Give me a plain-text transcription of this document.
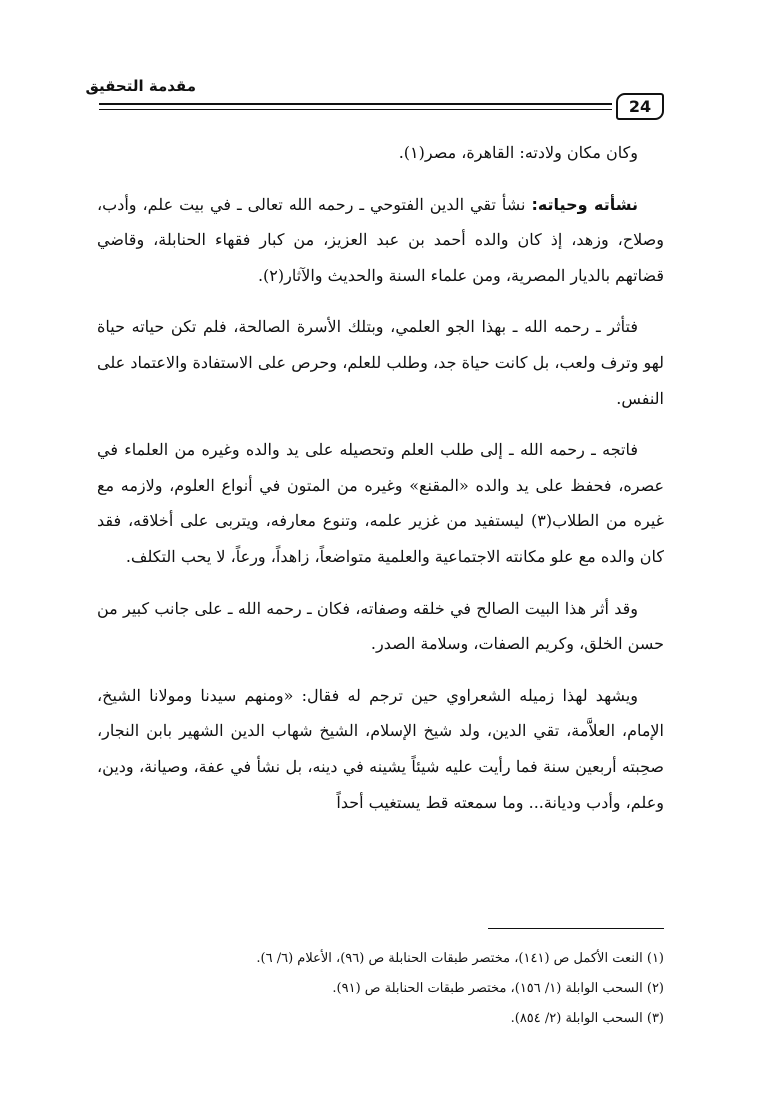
مقدمة التحقيق
24

وكان مكان ولادته: القاهرة، مصر(١).

نشأته وحياته: نشأ تقي الدين الفتوحي ـ رحمه الله تعالى ـ في بيت علم، وأدب، وصلاح، وزهد، إذ كان والده أحمد بن عبد العزيز، من كبار فقهاء الحنابلة، وقاضي قضاتهم بالديار المصرية، ومن علماء السنة والحديث والآثار(٢).

فتأثر ـ رحمه الله ـ بهذا الجو العلمي، وبتلك الأسرة الصالحة، فلم تكن حياته حياة لهو وترف ولعب، بل كانت حياة جد، وطلب للعلم، وحرص على الاستفادة والاعتماد على النفس.

فاتجه ـ رحمه الله ـ إلى طلب العلم وتحصيله على يد والده وغيره من العلماء في عصره، فحفظ على يد والده «المقنع» وغيره من المتون في أنواع العلوم، ولازمه مع غيره من الطلاب(٣) ليستفيد من غزير علمه، وتنوع معارفه، ويتربى على أخلاقه، فقد كان والده مع علو مكانته الاجتماعية والعلمية متواضعاً، زاهداً، ورعاً، لا يحب التكلف.

وقد أثر هذا البيت الصالح في خلقه وصفاته، فكان ـ رحمه الله ـ على جانب كبير من حسن الخلق، وكريم الصفات، وسلامة الصدر.

ويشهد لهذا زميله الشعراوي حين ترجم له فقال: «ومنهم سيدنا ومولانا الشيخ، الإمام، العلاَّمة، تقي الدين، ولد شيخ الإسلام، الشيخ شهاب الدين الشهير بابن النجار، صحِبته أربعين سنة فما رأيت عليه شيئاً يشينه في دينه، بل نشأ في عفة، وصيانة، ودين، وعلم، وأدب وديانة... وما سمعته قط يستغيب أحداً

(١) النعت الأكمل ص (١٤١)، مختصر طبقات الحنابلة ص (٩٦)، الأعلام (٦/ ٦).

(٢) السحب الوابلة (١/ ١٥٦)، مختصر طبقات الحنابلة ص (٩١).

(٣) السحب الوابلة (٢/ ٨٥٤).
